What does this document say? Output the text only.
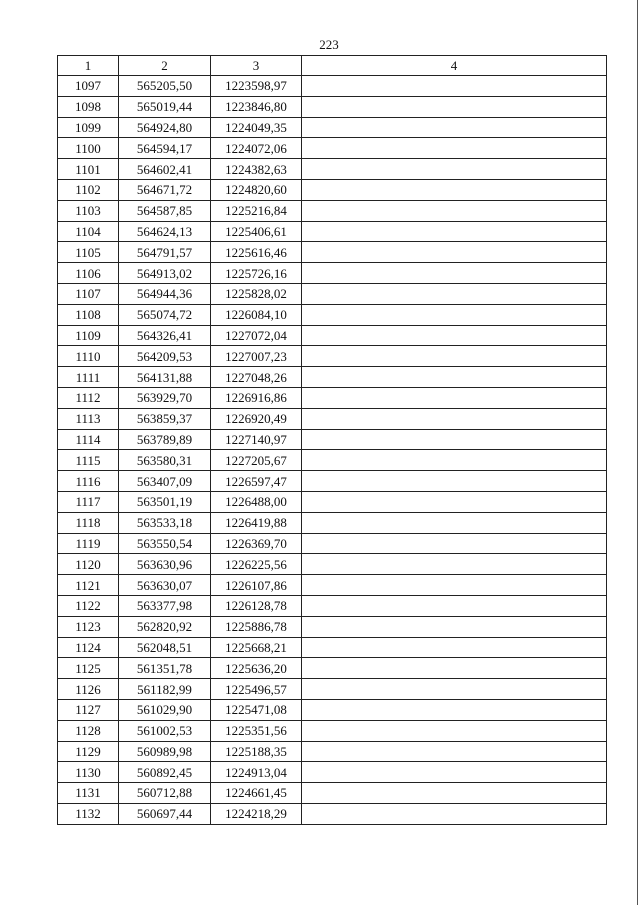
223
1	2	3	4
1097	565205,50	1223598,97	
1098	565019,44	1223846,80	
1099	564924,80	1224049,35	
1100	564594,17	1224072,06	
1101	564602,41	1224382,63	
1102	564671,72	1224820,60	
1103	564587,85	1225216,84	
1104	564624,13	1225406,61	
1105	564791,57	1225616,46	
1106	564913,02	1225726,16	
1107	564944,36	1225828,02	
1108	565074,72	1226084,10	
1109	564326,41	1227072,04	
1110	564209,53	1227007,23	
1111	564131,88	1227048,26	
1112	563929,70	1226916,86	
1113	563859,37	1226920,49	
1114	563789,89	1227140,97	
1115	563580,31	1227205,67	
1116	563407,09	1226597,47	
1117	563501,19	1226488,00	
1118	563533,18	1226419,88	
1119	563550,54	1226369,70	
1120	563630,96	1226225,56	
1121	563630,07	1226107,86	
1122	563377,98	1226128,78	
1123	562820,92	1225886,78	
1124	562048,51	1225668,21	
1125	561351,78	1225636,20	
1126	561182,99	1225496,57	
1127	561029,90	1225471,08	
1128	561002,53	1225351,56	
1129	560989,98	1225188,35	
1130	560892,45	1224913,04	
1131	560712,88	1224661,45	
1132	560697,44	1224218,29	
